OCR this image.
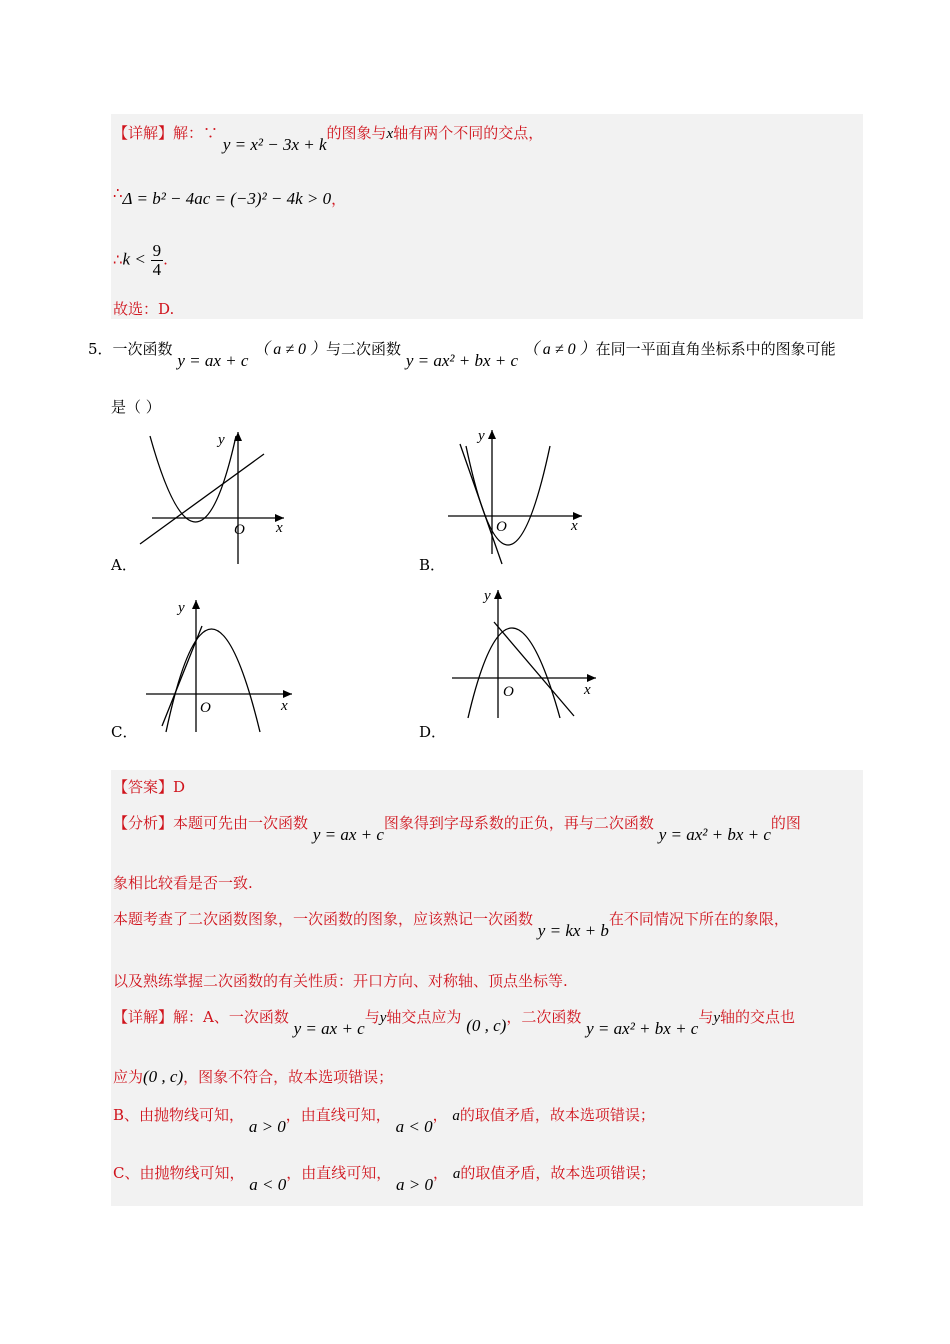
【详解】解：∵ y = x² − 3x + k的图象与x轴有两个不同的交点，
∴Δ = b² − 4ac = (−3)² − 4k > 0，
∴k < $\frac{9}{4}$ .
故选：D.
5．一次函数 y = ax + c （ a ≠ 0 ）与二次函数 y = ax² + bx + c （ a ≠ 0 ）在同一平面直角坐标系中的图象可能
是（ ）
y
x
O
A．
y
x
O
B．
y
x
O
C．
y
x
O
D．
【答案】D
【分析】本题可先由一次函数 y = ax + c图象得到字母系数的正负，再与二次函数 y = ax² + bx + c的图
象相比较看是否一致.
本题考查了二次函数图象，一次函数的图象，应该熟记一次函数 y = kx + b在不同情况下所在的象限，
以及熟练掌握二次函数的有关性质：开口方向、对称轴、顶点坐标等.
【详解】解：A、一次函数 y = ax + c与y轴交点应为 (0 , c)，二次函数 y = ax² + bx + c与y轴的交点也
应为(0 , c)，图象不符合，故本选项错误；
B、由抛物线可知， a > 0，由直线可知， a < 0， a的取值矛盾，故本选项错误；
C、由抛物线可知， a < 0，由直线可知， a > 0， a的取值矛盾，故本选项错误；
